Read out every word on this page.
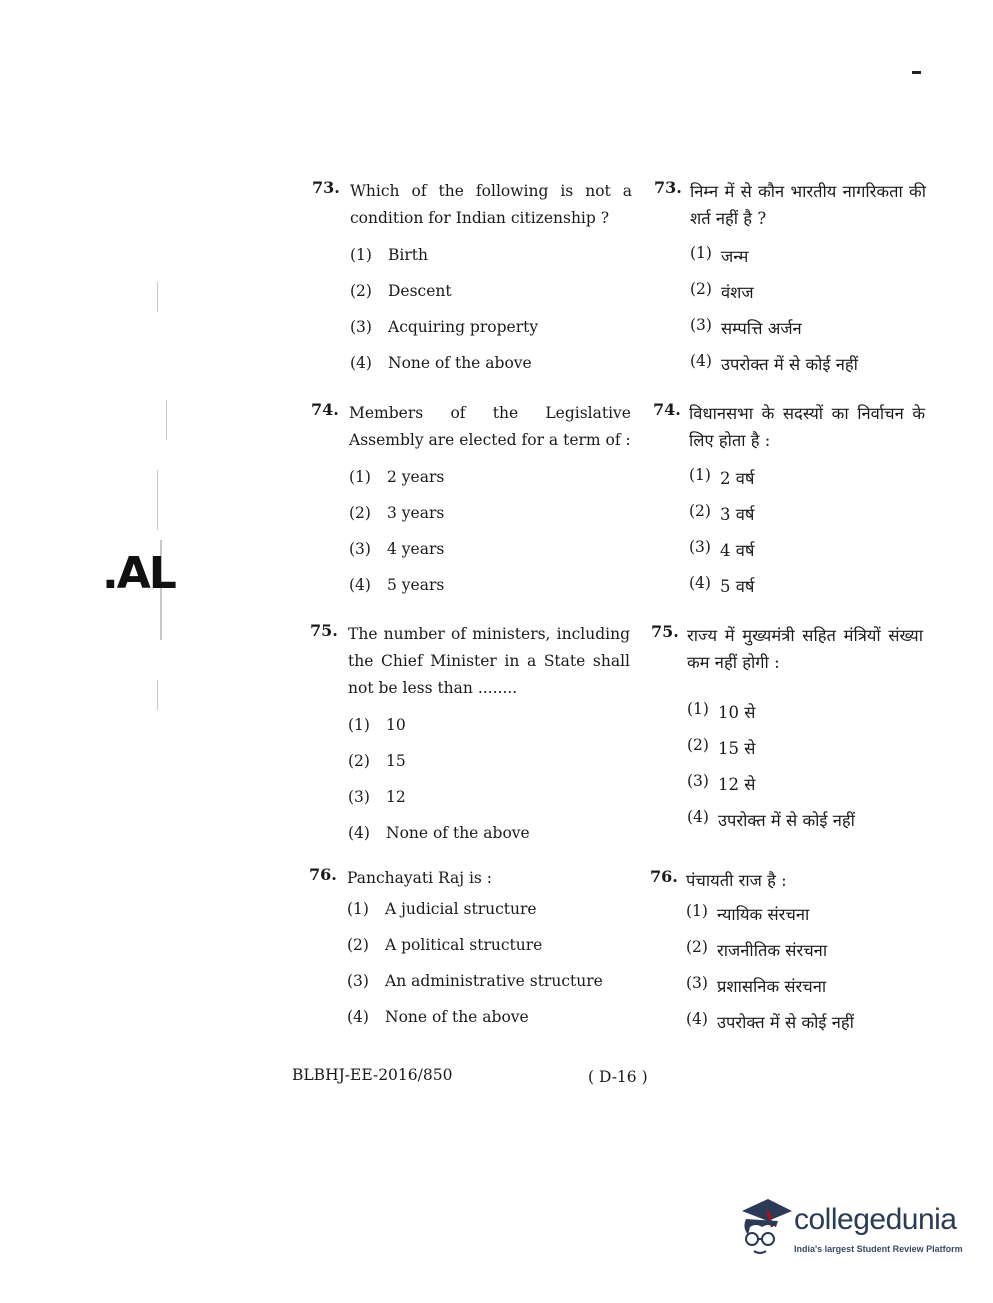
.AL
73. Which of the following is not a condition for Indian citizenship ?
(1) Birth
(2) Descent
(3) Acquiring property
(4) None of the above
73. निम्न में से कौन भारतीय नागरिकता की शर्त नहीं है ?
(1) जन्म
(2) वंशज
(3) सम्पत्ति अर्जन
(4) उपरोक्त में से कोई नहीं
74. Members of the Legislative Assembly are elected for a term of :
(1) 2 years
(2) 3 years
(3) 4 years
(4) 5 years
74. विधानसभा के सदस्यों का निर्वाचन के लिए होता है :
(1) 2 वर्ष
(2) 3 वर्ष
(3) 4 वर्ष
(4) 5 वर्ष
75. The number of ministers, including the Chief Minister in a State shall not be less than ........
(1) 10
(2) 15
(3) 12
(4) None of the above
75. राज्य में मुख्यमंत्री सहित मंत्रियों संख्या कम नहीं होगी :
(1) 10 से
(2) 15 से
(3) 12 से
(4) उपरोक्त में से कोई नहीं
76. Panchayati Raj is :
(1) A judicial structure
(2) A political structure
(3) An administrative structure
(4) None of the above
76. पंचायती राज है :
(1) न्यायिक संरचना
(2) राजनीतिक संरचना
(3) प्रशासनिक संरचना
(4) उपरोक्त में से कोई नहीं
BLBHJ-EE-2016/850	( D-16 )
collegedunia
India's largest Student Review Platform
